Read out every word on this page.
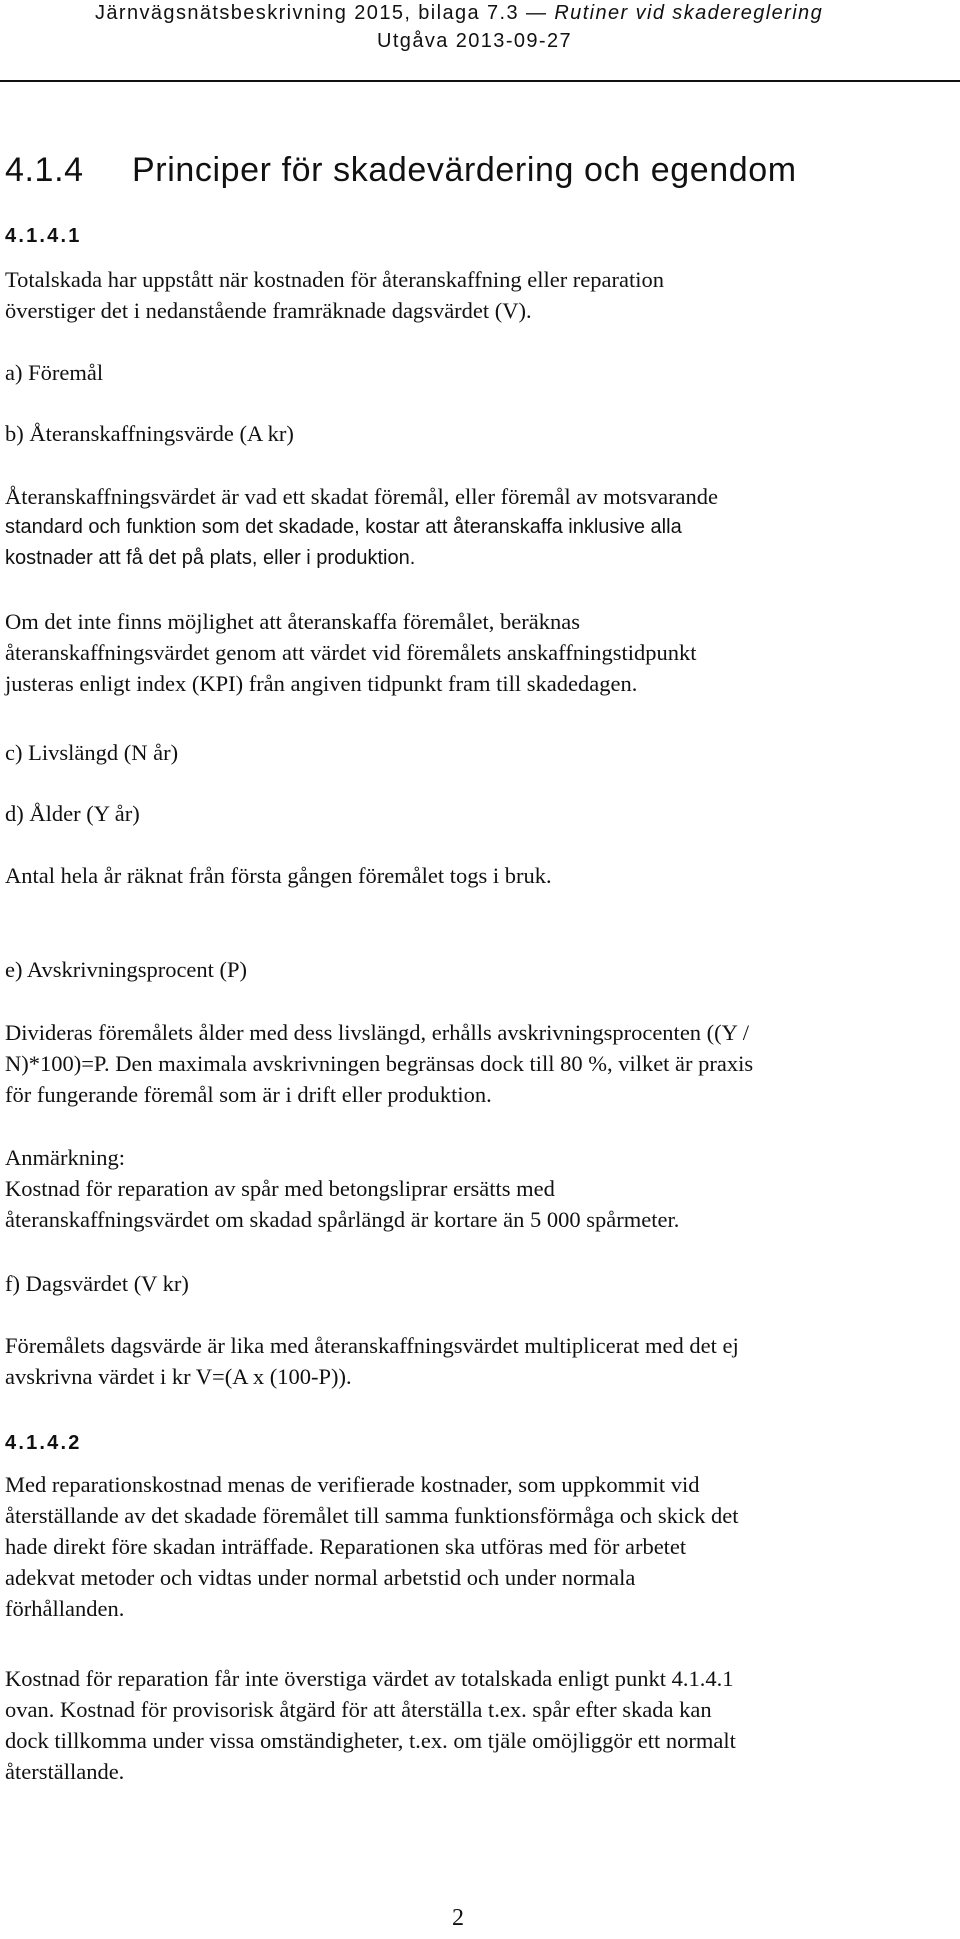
Järnvägsnätsbeskrivning 2015, bilaga 7.3 — Rutiner vid skadereglering
Utgåva 2013-09-27
4.1.4 Principer för skadevärdering och egendom
4.1.4.1
Totalskada har uppstått när kostnaden för återanskaffning eller reparation
överstiger det i nedanstående framräknade dagsvärdet (V).
a) Föremål
b) Återanskaffningsvärde (A kr)
Återanskaffningsvärdet är vad ett skadat föremål, eller föremål av motsvarande
standard och funktion som det skadade, kostar att återanskaffa inklusive alla
kostnader att få det på plats, eller i produktion.
Om det inte finns möjlighet att återanskaffa föremålet, beräknas
återanskaffningsvärdet genom att värdet vid föremålets anskaffningstidpunkt
justeras enligt index (KPI) från angiven tidpunkt fram till skadedagen.
c) Livslängd (N år)
d) Ålder (Y år)
Antal hela år räknat från första gången föremålet togs i bruk.
e) Avskrivningsprocent (P)
Divideras föremålets ålder med dess livslängd, erhålls avskrivningsprocenten ((Y /
N)*100)=P. Den maximala avskrivningen begränsas dock till 80 %, vilket är praxis
för fungerande föremål som är i drift eller produktion.
Anmärkning:
Kostnad för reparation av spår med betongsliprar ersätts med
återanskaffningsvärdet om skadad spårlängd är kortare än 5 000 spårmeter.
f) Dagsvärdet (V kr)
Föremålets dagsvärde är lika med återanskaffningsvärdet multiplicerat med det ej
avskrivna värdet i kr V=(A x (100-P)).
4.1.4.2
Med reparationskostnad menas de verifierade kostnader, som uppkommit vid
återställande av det skadade föremålet till samma funktionsförmåga och skick det
hade direkt före skadan inträffade. Reparationen ska utföras med för arbetet
adekvat metoder och vidtas under normal arbetstid och under normala
förhållanden.
Kostnad för reparation får inte överstiga värdet av totalskada enligt punkt 4.1.4.1
ovan. Kostnad för provisorisk åtgärd för att återställa t.ex. spår efter skada kan
dock tillkomma under vissa omständigheter, t.ex. om tjäle omöjliggör ett normalt
återställande.
2
